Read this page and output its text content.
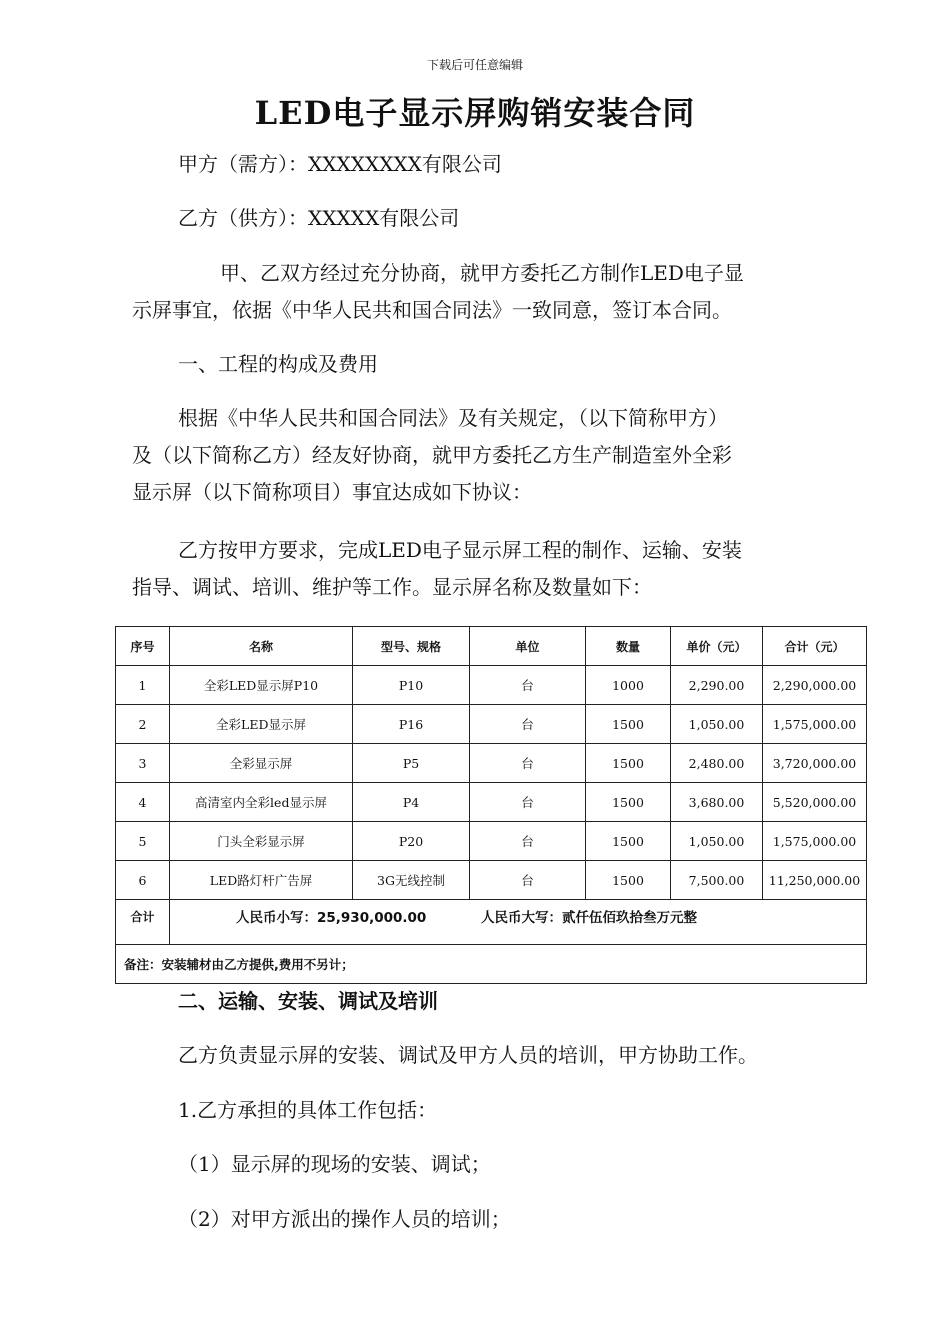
下载后可任意编辑
LED电子显示屏购销安装合同
甲方（需方）：XXXXXXXX有限公司
乙方（供方）：XXXXX有限公司
甲、乙双方经过充分协商，就甲方委托乙方制作LED电子显
示屏事宜，依据《中华人民共和国合同法》一致同意，签订本合同。
一、工程的构成及费用
根据《中华人民共和国合同法》及有关规定，（以下简称甲方）
及（以下简称乙方）经友好协商，就甲方委托乙方生产制造室外全彩
显示屏（以下简称项目）事宜达成如下协议：
乙方按甲方要求，完成LED电子显示屏工程的制作、运输、安装
指导、调试、培训、维护等工作。显示屏名称及数量如下：
序号	名称	型号、规格	单位	数量	单价（元）	合计（元）
1	全彩LED显示屏P10	P10	台	1000	2,290.00	2,290,000.00
2	全彩LED显示屏	P16	台	1500	1,050.00	1,575,000.00
3	全彩显示屏	P5	台	1500	2,480.00	3,720,000.00
4	高清室内全彩led显示屏	P4	台	1500	3,680.00	5,520,000.00
5	门头全彩显示屏	P20	台	1500	1,050.00	1,575,000.00
6	LED路灯杆广告屏	3G无线控制	台	1500	7,500.00	11,250,000.00
合计	人民币小写：25,930,000.00 人民币大写：贰仟伍佰玖拾叁万元整					
备注：安装辅材由乙方提供,费用不另计；						
二、运输、安装、调试及培训
乙方负责显示屏的安装、调试及甲方人员的培训，甲方协助工作。
1.乙方承担的具体工作包括：
（1）显示屏的现场的安装、调试；
（2）对甲方派出的操作人员的培训；
